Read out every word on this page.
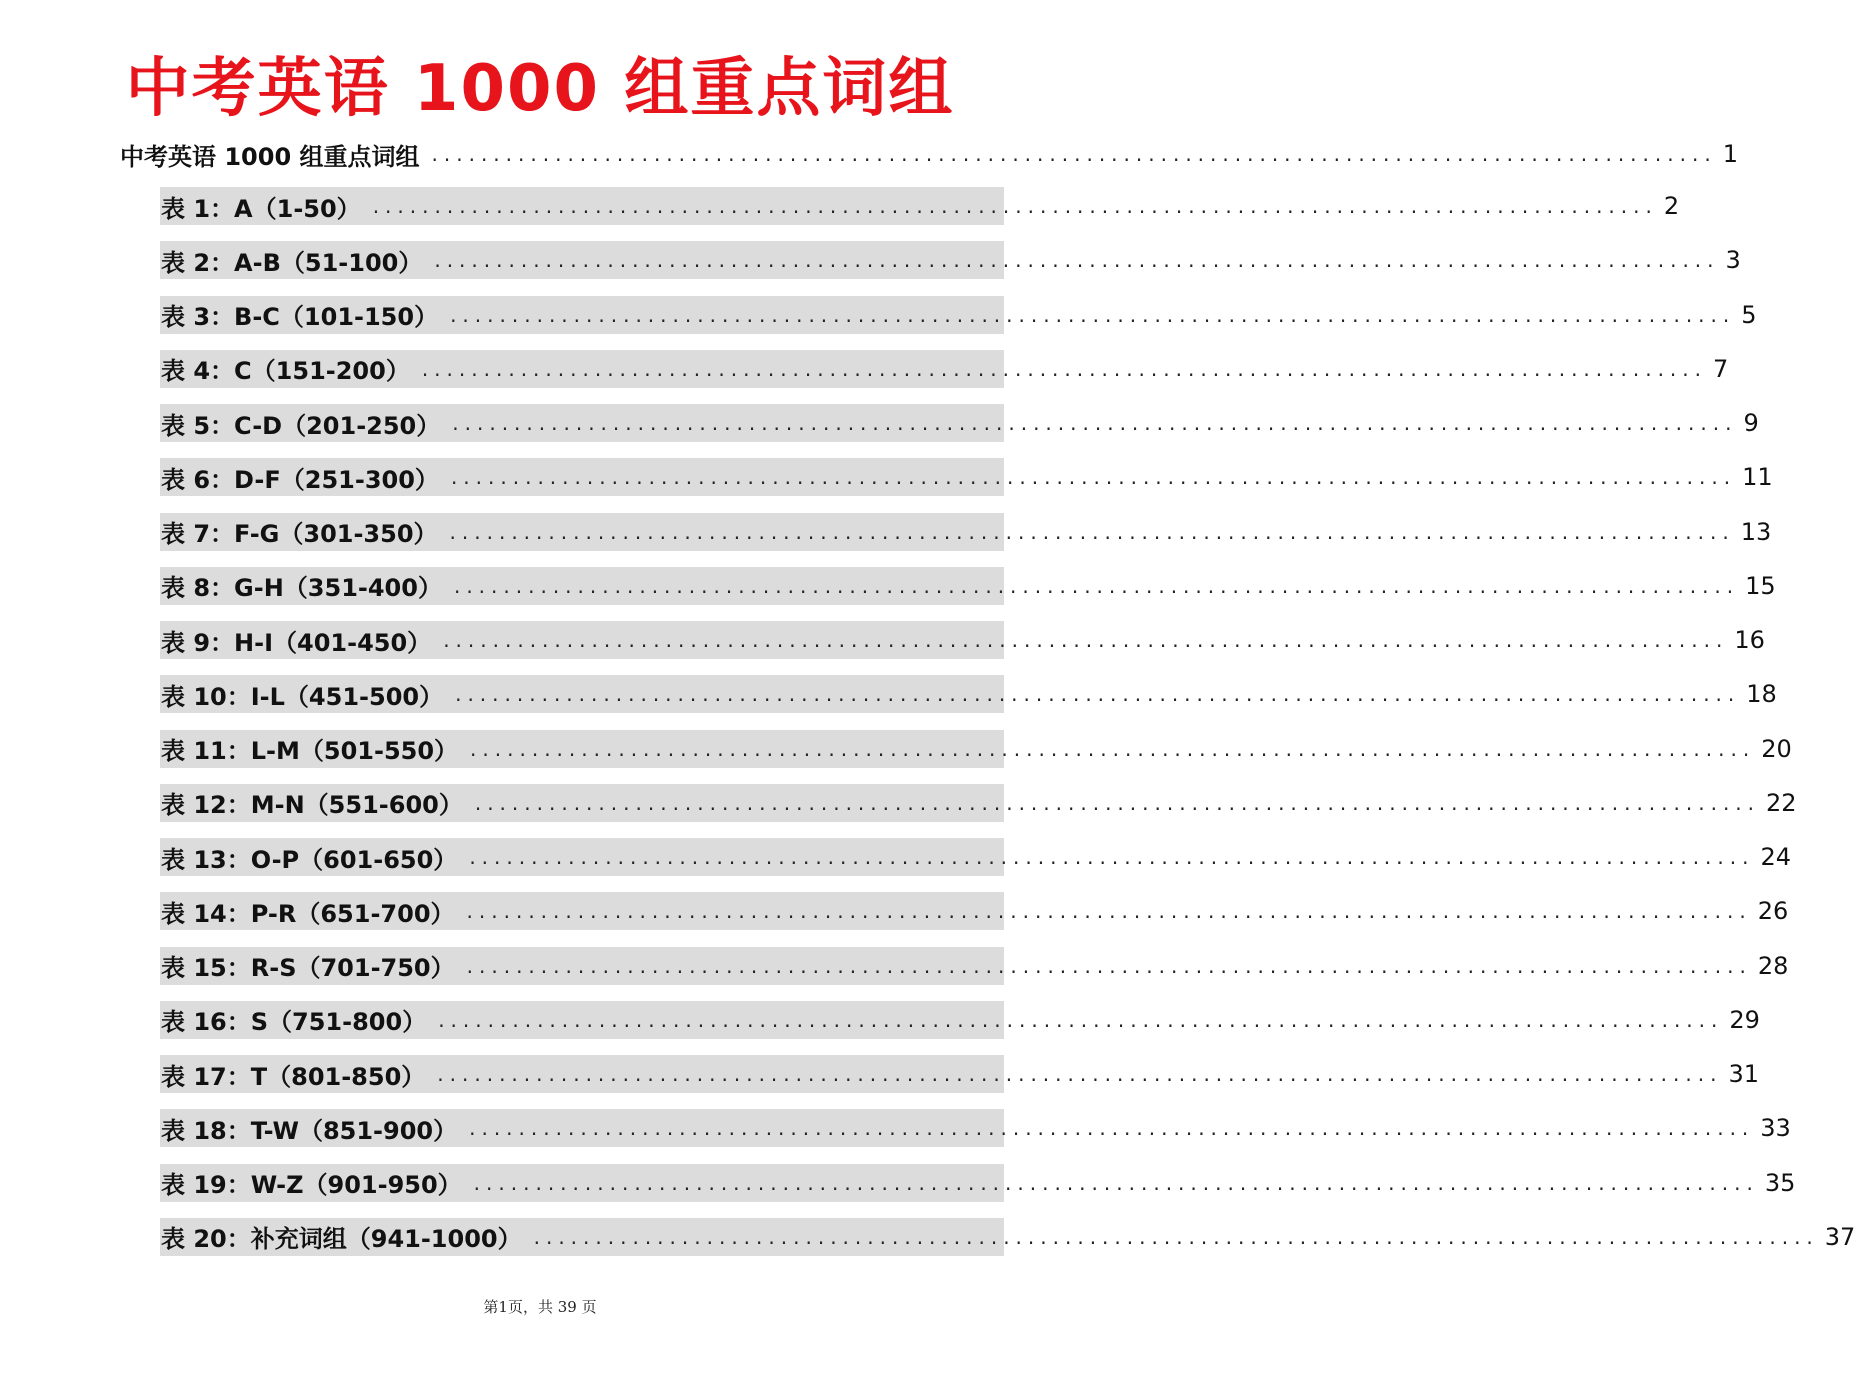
中考英语 1000 组重点词组
中考英语 1000 组重点词组 ........................................................................................................ 1
表 1：A（1-50） ........................................................................................................ 2
表 2：A-B（51-100） ........................................................................................................ 3
表 3：B-C（101-150） ........................................................................................................ 5
表 4：C（151-200） ........................................................................................................ 7
表 5：C-D（201-250） ........................................................................................................ 9
表 6：D-F（251-300） ........................................................................................................ 11
表 7：F-G（301-350） ........................................................................................................ 13
表 8：G-H（351-400） ........................................................................................................ 15
表 9：H-I（401-450） ........................................................................................................ 16
表 10：I-L（451-500） ........................................................................................................ 18
表 11：L-M（501-550） ........................................................................................................ 20
表 12：M-N（551-600） ........................................................................................................ 22
表 13：O-P（601-650） ........................................................................................................ 24
表 14：P-R（651-700） ........................................................................................................ 26
表 15：R-S（701-750） ........................................................................................................ 28
表 16：S（751-800） ........................................................................................................ 29
表 17：T（801-850） ........................................................................................................ 31
表 18：T-W（851-900） ........................................................................................................ 33
表 19：W-Z（901-950） ........................................................................................................ 35
表 20：补充词组（941-1000） ........................................................................................................ 37
第1页，共 39 页
